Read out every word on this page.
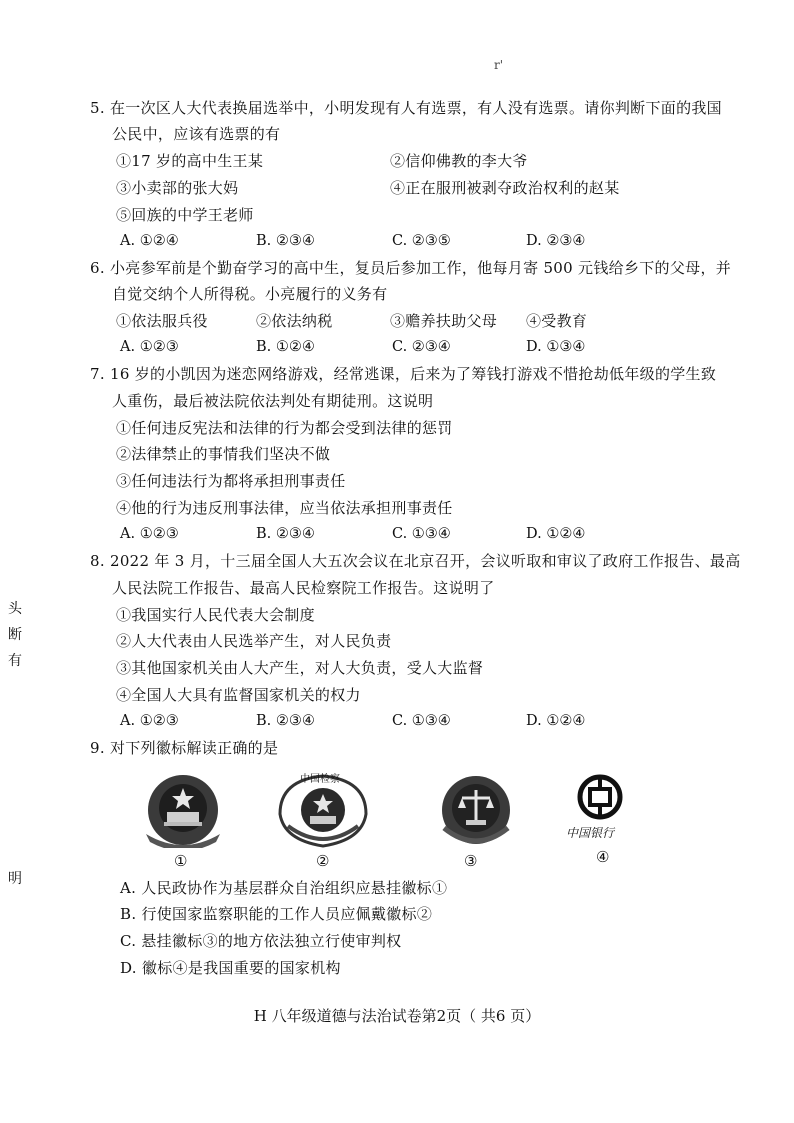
r'
头
断
有
明
5. 在一次区人大代表换届选举中，小明发现有人有选票，有人没有选票。请你判断下面的我国
公民中，应该有选票的有
①17 岁的高中生王某	②信仰佛教的李大爷
③小卖部的张大妈	④正在服刑被剥夺政治权利的赵某
⑤回族的中学王老师
A. ①②④	B. ②③④	C. ②③⑤	D. ②③④
6. 小亮参军前是个勤奋学习的高中生，复员后参加工作，他每月寄 500 元钱给乡下的父母，并
自觉交纳个人所得税。小亮履行的义务有
①依法服兵役	②依法纳税	③赡养扶助父母 ④受教育
A. ①②③	B. ①②④	C. ②③④	D. ①③④
7. 16 岁的小凯因为迷恋网络游戏，经常逃课，后来为了筹钱打游戏不惜抢劫低年级的学生致
人重伤，最后被法院依法判处有期徒刑。这说明
①任何违反宪法和法律的行为都会受到法律的惩罚
②法律禁止的事情我们坚决不做
③任何违法行为都将承担刑事责任
④他的行为违反刑事法律，应当依法承担刑事责任
A. ①②③	B. ②③④	C. ①③④	D. ①②④
8. 2022 年 3 月，十三届全国人大五次会议在北京召开，会议听取和审议了政府工作报告、最高
人民法院工作报告、最高人民检察院工作报告。这说明了
①我国实行人民代表大会制度
②人大代表由人民选举产生，对人民负责
③其他国家机关由人大产生，对人大负责，受人大监督
④全国人大具有监督国家机关的权力
A. ①②③	B. ②③④	C. ①③④	D. ①②④
9. 对下列徽标解读正确的是
①
中国检察
②	③
中国银行
④
A. 人民政协作为基层群众自治组织应悬挂徽标①
B. 行使国家监察职能的工作人员应佩戴徽标②
C. 悬挂徽标③的地方依法独立行使审判权
D. 徽标④是我国重要的国家机构
H 八年级道德与法治试卷第2页（ 共6 页）
